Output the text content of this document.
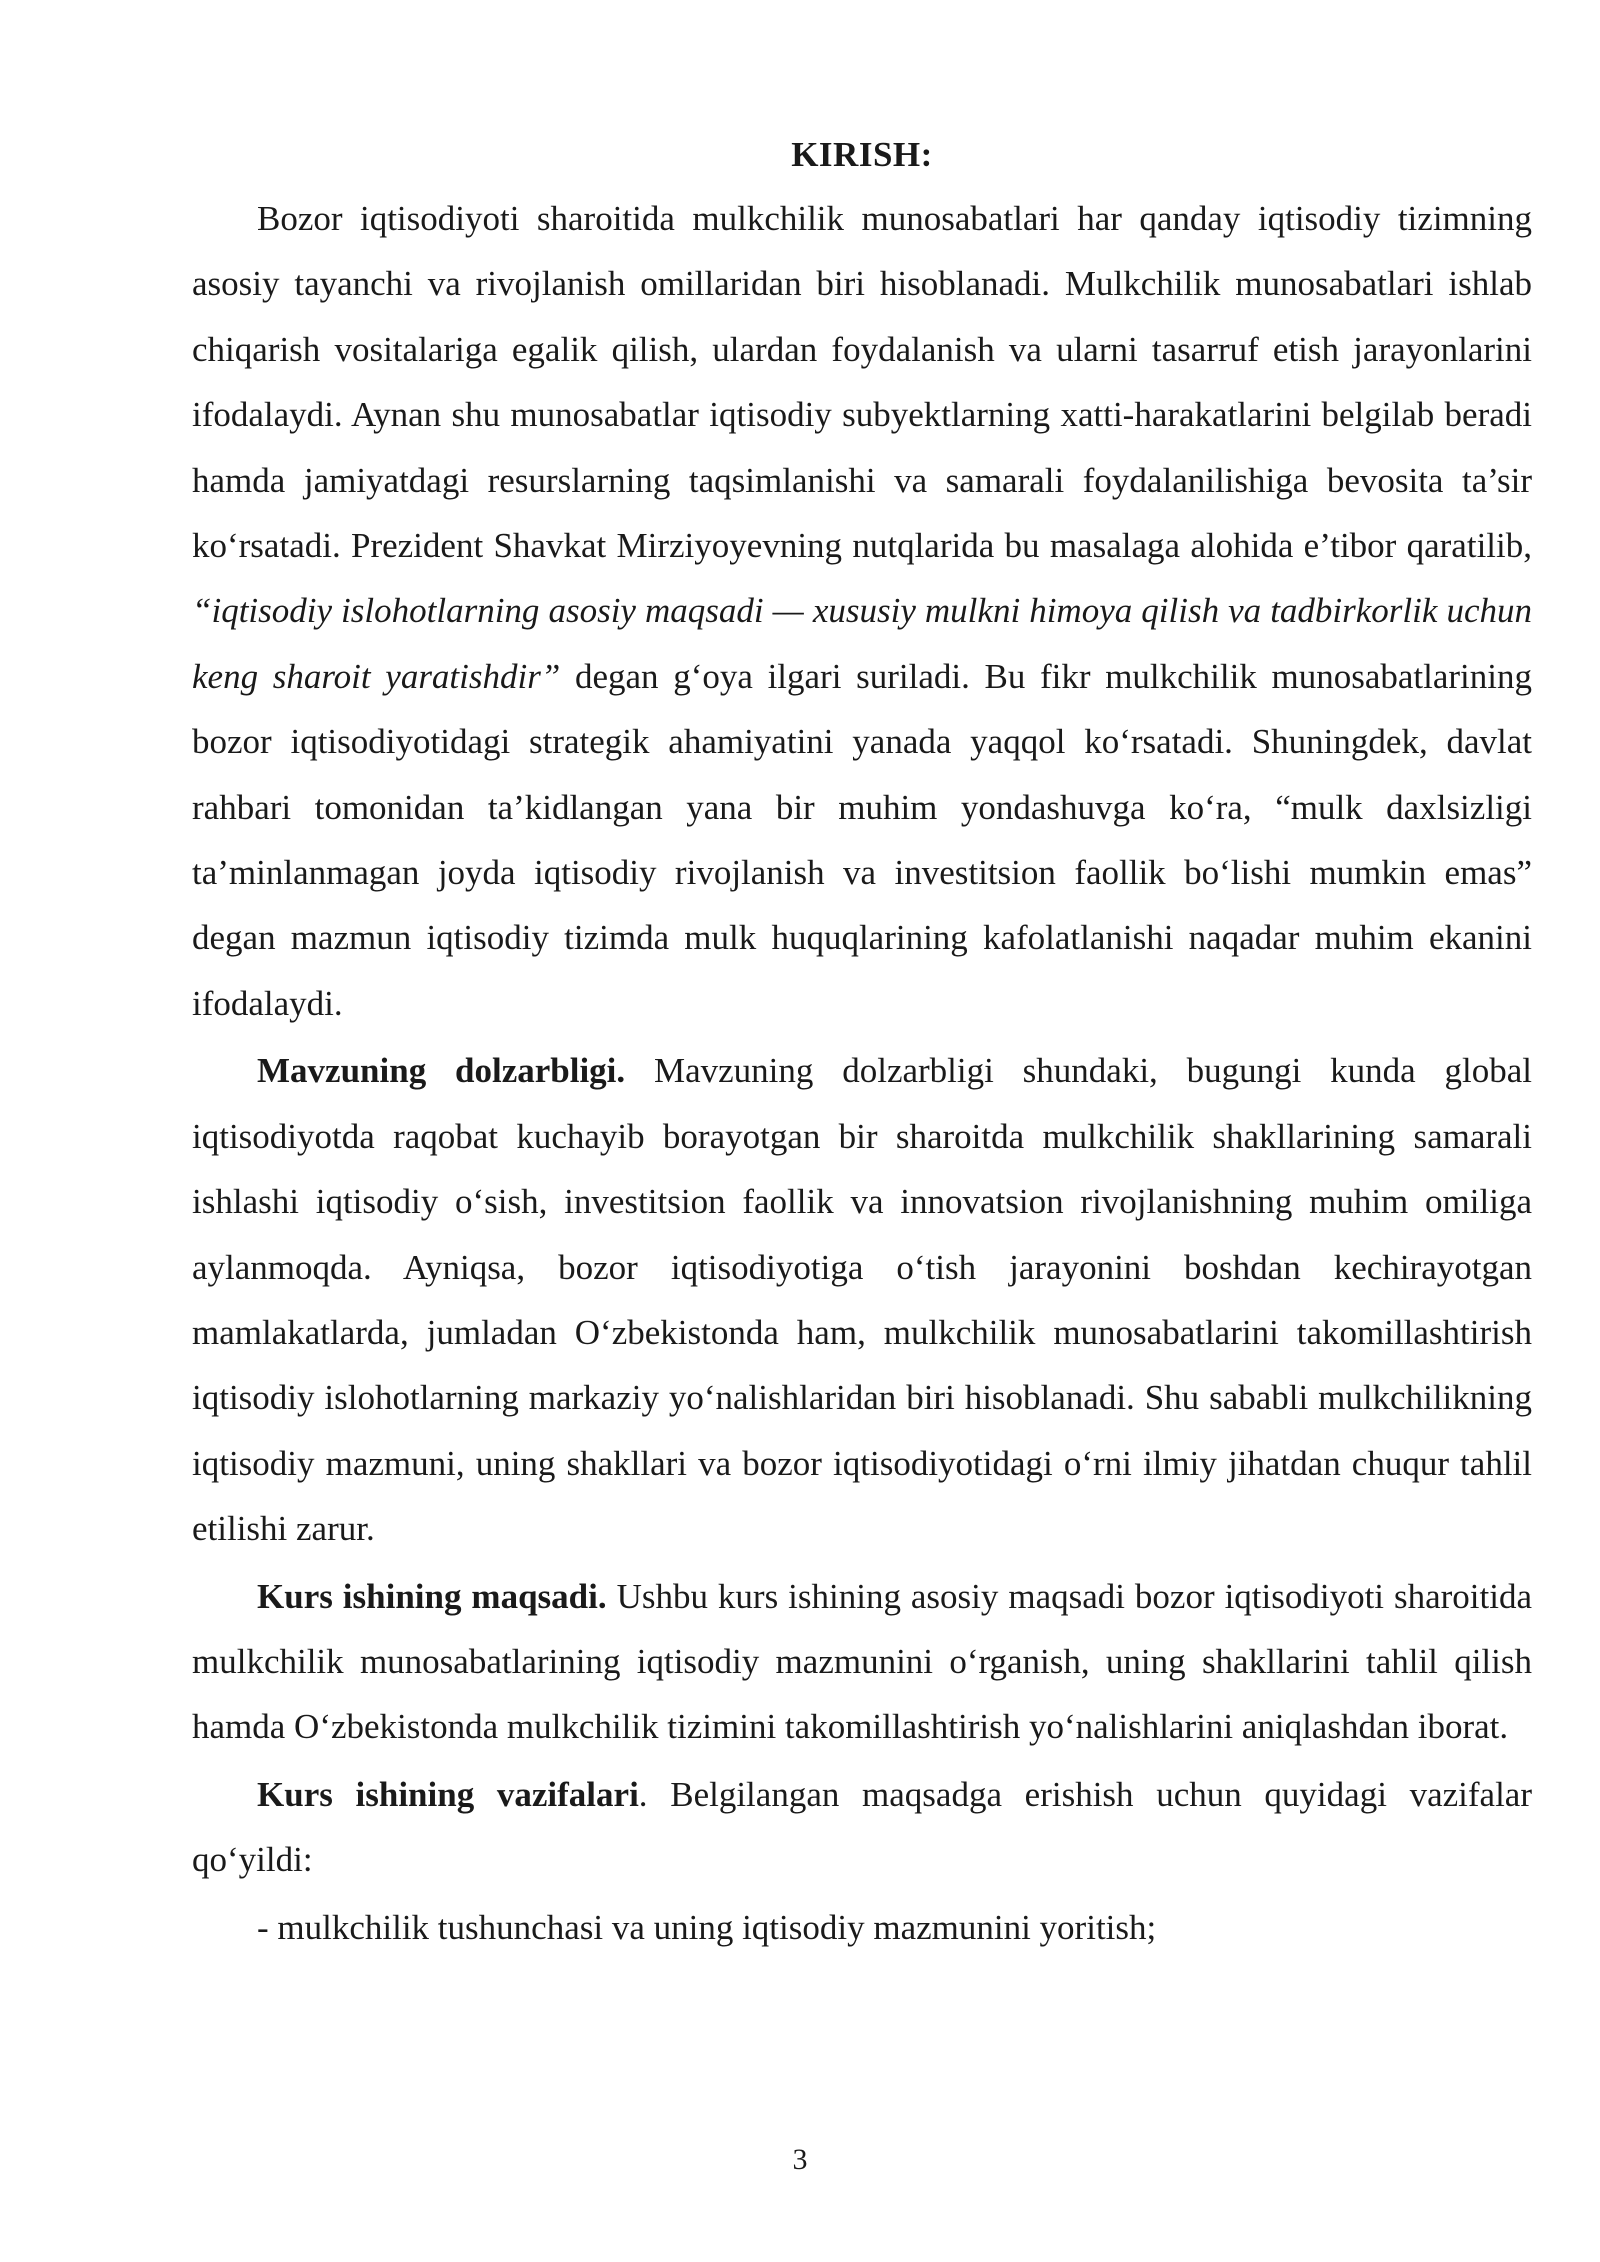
KIRISH:

Bozor iqtisodiyoti sharoitida mulkchilik munosabatlari har qanday iqtisodiy tizimning asosiy tayanchi va rivojlanish omillaridan biri hisoblanadi. Mulkchilik munosabatlari ishlab chiqarish vositalariga egalik qilish, ulardan foydalanish va ularni tasarruf etish jarayonlarini ifodalaydi. Aynan shu munosabatlar iqtisodiy subyektlarning xatti-harakatlarini belgilab beradi hamda jamiyatdagi resurslarning taqsimlanishi va samarali foydalanilishiga bevosita ta’sir ko‘rsatadi. Prezident Shavkat Mirziyoyevning nutqlarida bu masalaga alohida e’tibor qaratilib, “iqtisodiy islohotlarning asosiy maqsadi — xususiy mulkni himoya qilish va tadbirkorlik uchun keng sharoit yaratishdir” degan g‘oya ilgari suriladi. Bu fikr mulkchilik munosabatlarining bozor iqtisodiyotidagi strategik ahamiyatini yanada yaqqol ko‘rsatadi. Shuningdek, davlat rahbari tomonidan ta’kidlangan yana bir muhim yondashuvga ko‘ra, “mulk daxlsizligi ta’minlanmagan joyda iqtisodiy rivojlanish va investitsion faollik bo‘lishi mumkin emas” degan mazmun iqtisodiy tizimda mulk huquqlarining kafolatlanishi naqadar muhim ekanini ifodalaydi.

Mavzuning dolzarbligi. Mavzuning dolzarbligi shundaki, bugungi kunda global iqtisodiyotda raqobat kuchayib borayotgan bir sharoitda mulkchilik shakllarining samarali ishlashi iqtisodiy o‘sish, investitsion faollik va innovatsion rivojlanishning muhim omiliga aylanmoqda. Ayniqsa, bozor iqtisodiyotiga o‘tish jarayonini boshdan kechirayotgan mamlakatlarda, jumladan O‘zbekistonda ham, mulkchilik munosabatlarini takomillashtirish iqtisodiy islohotlarning markaziy yo‘nalishlaridan biri hisoblanadi. Shu sababli mulkchilikning iqtisodiy mazmuni, uning shakllari va bozor iqtisodiyotidagi o‘rni ilmiy jihatdan chuqur tahlil etilishi zarur.

Kurs ishining maqsadi. Ushbu kurs ishining asosiy maqsadi bozor iqtisodiyoti sharoitida mulkchilik munosabatlarining iqtisodiy mazmunini o‘rganish, uning shakllarini tahlil qilish hamda O‘zbekistonda mulkchilik tizimini takomillashtirish yo‘nalishlarini aniqlashdan iborat.

Kurs ishining vazifalari. Belgilangan maqsadga erishish uchun quyidagi vazifalar qo‘yildi:

- mulkchilik tushunchasi va uning iqtisodiy mazmunini yoritish;

3
